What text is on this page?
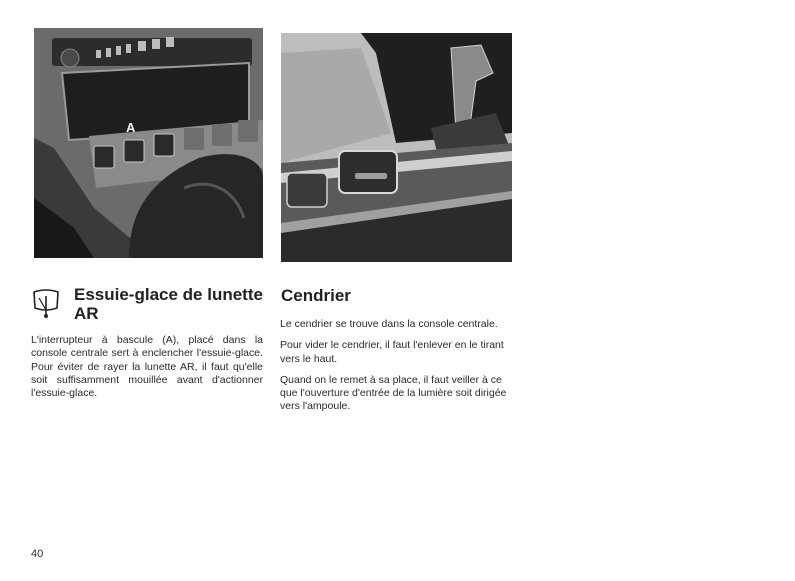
A
Essuie-glace de lunette AR

L'interrupteur à bascule (A), placé dans la console centrale sert à enclencher l'essuie-glace. Pour éviter de rayer la lunette AR, il faut qu'elle soit suffisamment mouillée avant d'actionner l'essuie-glace.

Cendrier

Le cendrier se trouve dans la console centrale.

Pour vider le cendrier, il faut l'enlever en le tirant vers le haut.

Quand on le remet à sa place, il faut veiller à ce que l'ouverture d'entrée de la lumière soit dirigée vers l'ampoule.

40
